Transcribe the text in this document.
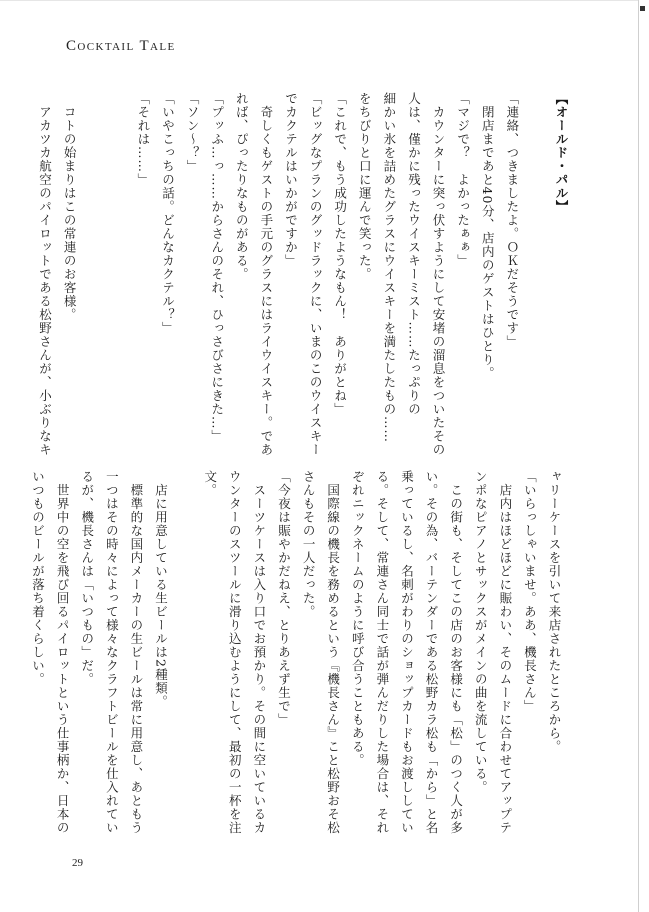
Cocktail Tale
【オールド・パル】
「連絡、つきましたよ。ＯＫだそうです」
　閉店まであと40分、店内のゲストはひとり。
「マジで？　よかったぁぁ」
　カウンターに突っ伏すようにして安堵の溜息をついたその
人は、僅かに残ったウイスキーミスト……たっぷりの
細かい氷を詰めたグラスにウイスキーを満たしたもの……
をちびりと口に運んで笑った。
「これで、もう成功したようなもん！　ありがとね」
「ビッグなプランのグッドラックに、いまのこのウイスキー
でカクテルはいかがですか」
　奇しくもゲストの手元のグラスにはライウイスキー。であ
れば、ぴったりなものがある。
「プッふ…っ……からさんのそれ、ひっさびさにきた…」
「ソン〜？」
「いやこっちの話。どんなカクテル？」
「それは……」
　コトの始まりはこの常連のお客様。
　アカツカ航空のパイロットである松野さんが、小ぶりなキ
ャリーケースを引いて来店されたところから。
「いらっしゃいませ。ああ、機長さん」
　店内はほどほどに賑わい、そのムードに合わせてアップテ
ンポなピアノとサックスがメインの曲を流している。
　この街も、そしてこの店のお客様にも「松」のつく人が多
い。その為、バーテンダーである松野カラ松も「から」と名
乗っているし、名刺がわりのショップカードもお渡ししてい
る。そして、常連さん同士で話が弾んだりした場合は、それ
ぞれニックネームのように呼び合うこともある。
　国際線の機長を務めるという『機長さん』こと松野おそ松
さんもその一人だった。
「今夜は賑やかだねえ、とりあえず生で」
　スーツケースは入り口でお預かり。その間に空いているカ
ウンターのスツールに滑り込むようにして、最初の一杯を注
文。
　店に用意している生ビールは2種類。
　標準的な国内メーカーの生ビールは常に用意し、あともう
一つはその時々によって様々なクラフトビールを仕入れてい
るが、機長さんは「いつもの」だ。
　世界中の空を飛び回るパイロットという仕事柄か、日本の
いつものビールが落ち着くらしい。
29
